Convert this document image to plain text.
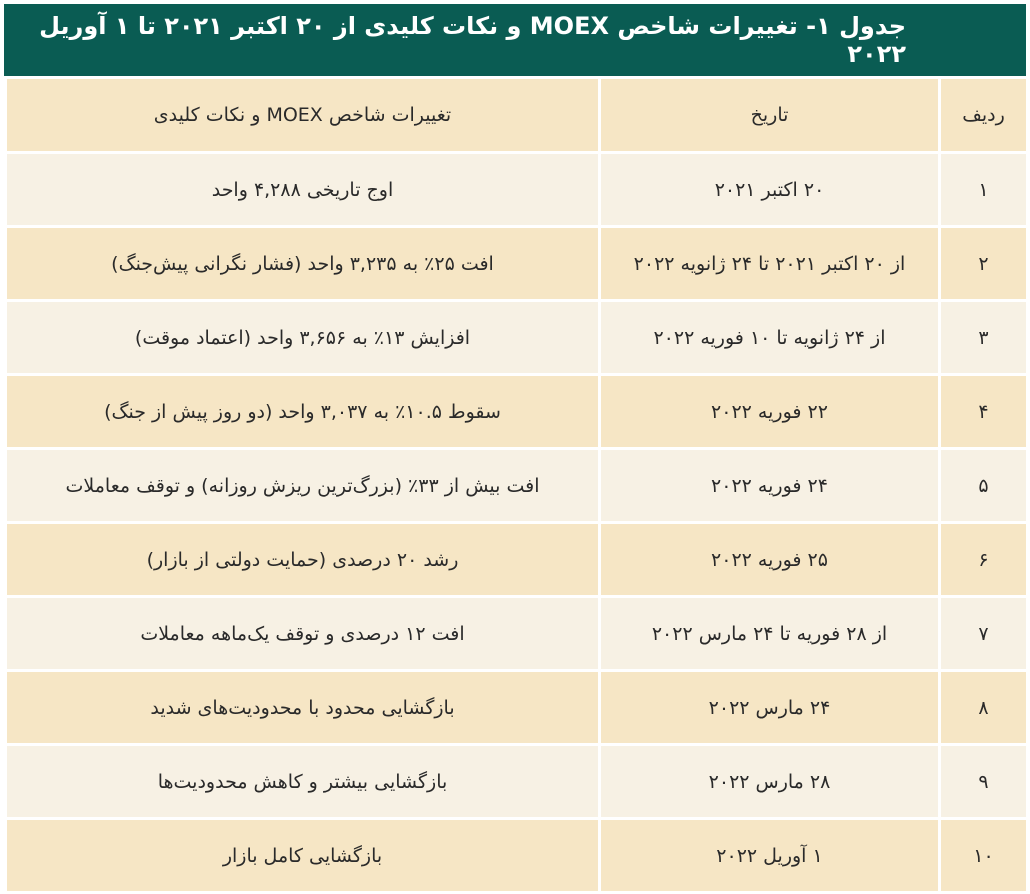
جدول ۱- تغییرات شاخص MOEX و نکات کلیدی از ۲۰ اکتبر ۲۰۲۱ تا ۱ آوریل ۲۰۲۲
ردیف	تاریخ	تغییرات شاخص MOEX و نکات کلیدی
۱	۲۰ اکتبر ۲۰۲۱	اوج تاریخی ۴,۲۸۸ واحد
۲	از ۲۰ اکتبر ۲۰۲۱ تا ۲۴ ژانویه ۲۰۲۲	افت ۲۵٪ به ۳,۲۳۵ واحد (فشار نگرانی پیش‌جنگ)
۳	از ۲۴ ژانویه تا ۱۰ فوریه ۲۰۲۲	افزایش ۱۳٪ به ۳,۶۵۶ واحد (اعتماد موقت)
۴	۲۲ فوریه ۲۰۲۲	سقوط ۱۰.۵٪ به ۳,۰۳۷ واحد (دو روز پیش از جنگ)
۵	۲۴ فوریه ۲۰۲۲	افت بیش از ۳۳٪ (بزرگ‌ترین ریزش روزانه) و توقف معاملات
۶	۲۵ فوریه ۲۰۲۲	رشد ۲۰ درصدی (حمایت دولتی از بازار)
۷	از ۲۸ فوریه تا ۲۴ مارس ۲۰۲۲	افت ۱۲ درصدی و توقف یک‌ماهه معاملات
۸	۲۴ مارس ۲۰۲۲	بازگشایی محدود با محدودیت‌های شدید
۹	۲۸ مارس ۲۰۲۲	بازگشایی بیشتر و کاهش محدودیت‌ها
۱۰	۱ آوریل ۲۰۲۲	بازگشایی کامل بازار
